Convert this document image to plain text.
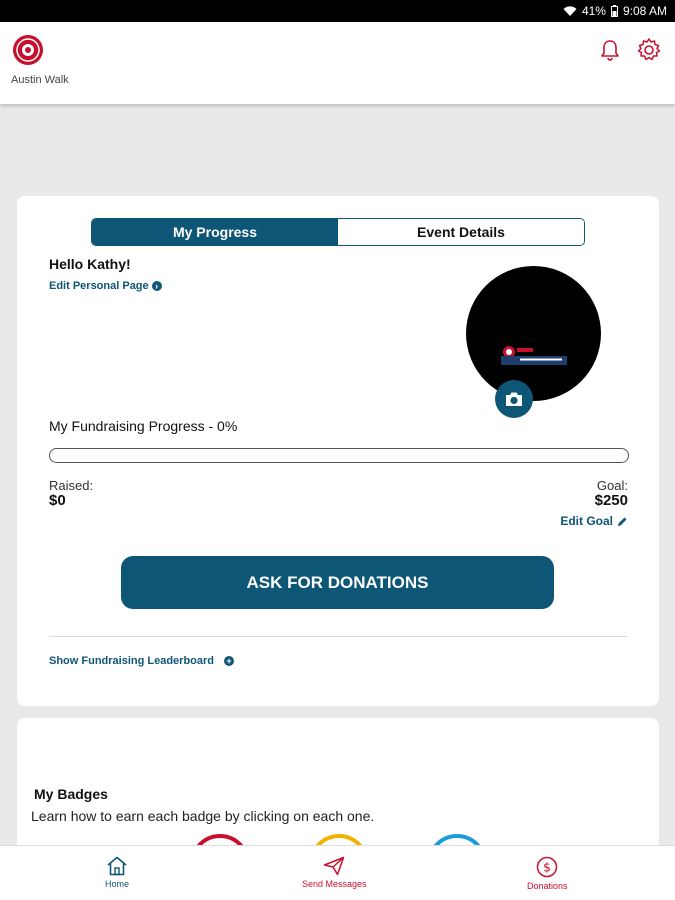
41% 9:08 AM
Austin Walk
My Progress	Event Details
Hello Kathy!
Edit Personal Page ›
My Fundraising Progress - 0%
Raised:
$0
Goal:
$250
Edit Goal
ASK FOR DONATIONS
Show Fundraising Leaderboard +
My Badges
Learn how to earn each badge by clicking on each one.
Home	Send Messages
$
Donations
